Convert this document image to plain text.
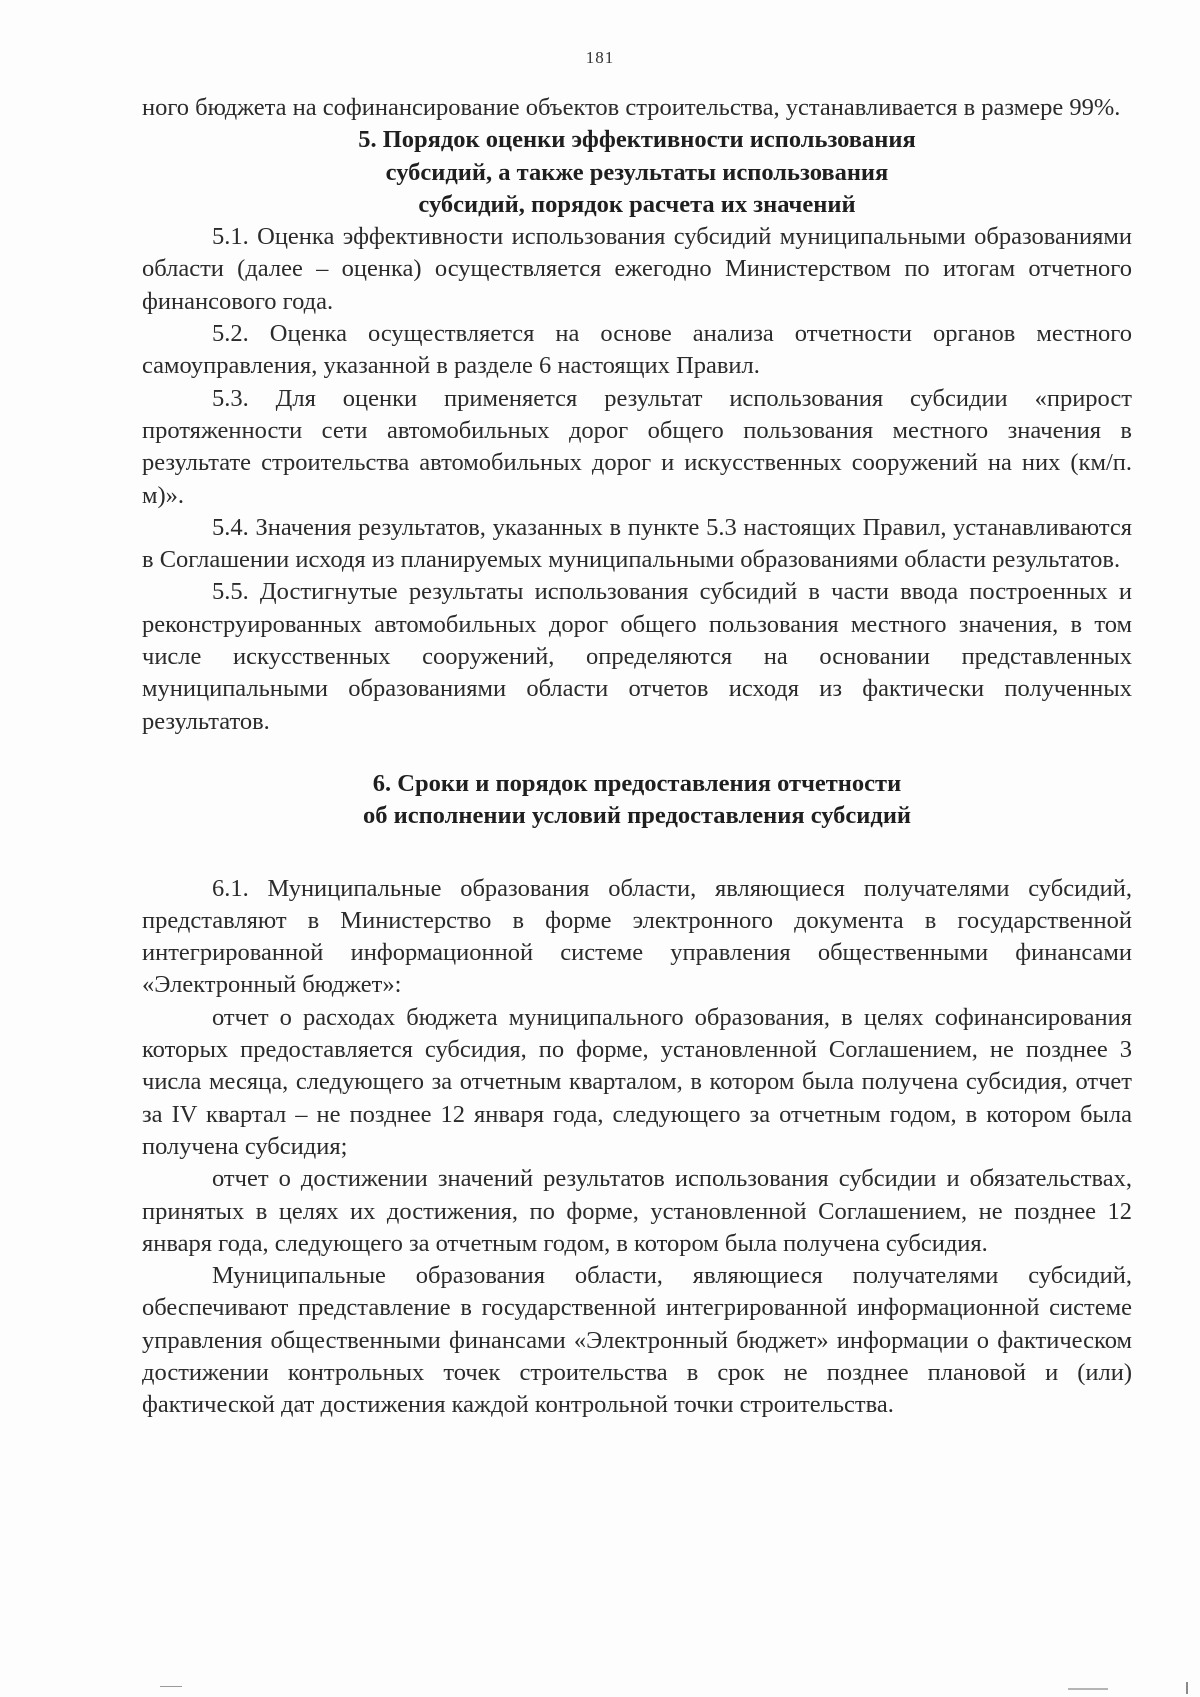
181

ного бюджета на софинансирование объектов строительства, устанавливается в размере 99%.

5. Порядок оценки эффективности использования
субсидий, а также результаты использования
субсидий, порядок расчета их значений

5.1. Оценка эффективности использования субсидий муниципальными образованиями области (далее – оценка) осуществляется ежегодно Министерством по итогам отчетного финансового года.

5.2. Оценка осуществляется на основе анализа отчетности органов местного самоуправления, указанной в разделе 6 настоящих Правил.

5.3. Для оценки применяется результат использования субсидии «прирост протяженности сети автомобильных дорог общего пользования местного значения в результате строительства автомобильных дорог и искусственных сооружений на них (км/п. м)».

5.4. Значения результатов, указанных в пункте 5.3 настоящих Правил, устанавливаются в Соглашении исходя из планируемых муниципальными образованиями области результатов.

5.5. Достигнутые результаты использования субсидий в части ввода построенных и реконструированных автомобильных дорог общего пользования местного значения, в том числе искусственных сооружений, определяются на основании представленных муниципальными образованиями области отчетов исходя из фактически полученных результатов.

6. Сроки и порядок предоставления отчетности
об исполнении условий предоставления субсидий

6.1. Муниципальные образования области, являющиеся получателями субсидий, представляют в Министерство в форме электронного документа в государственной интегрированной информационной системе управления общественными финансами «Электронный бюджет»:

отчет о расходах бюджета муниципального образования, в целях софинансирования которых предоставляется субсидия, по форме, установленной Соглашением, не позднее 3 числа месяца, следующего за отчетным кварталом, в котором была получена субсидия, отчет за IV квартал – не позднее 12 января года, следующего за отчетным годом, в котором была получена субсидия;

отчет о достижении значений результатов использования субсидии и обязательствах, принятых в целях их достижения, по форме, установленной Соглашением, не позднее 12 января года, следующего за отчетным годом, в котором была получена субсидия.

Муниципальные образования области, являющиеся получателями субсидий, обеспечивают представление в государственной интегрированной информационной системе управления общественными финансами «Электронный бюджет» информации о фактическом достижении контрольных точек строительства в срок не позднее плановой и (или) фактической дат достижения каждой контрольной точки строительства.
